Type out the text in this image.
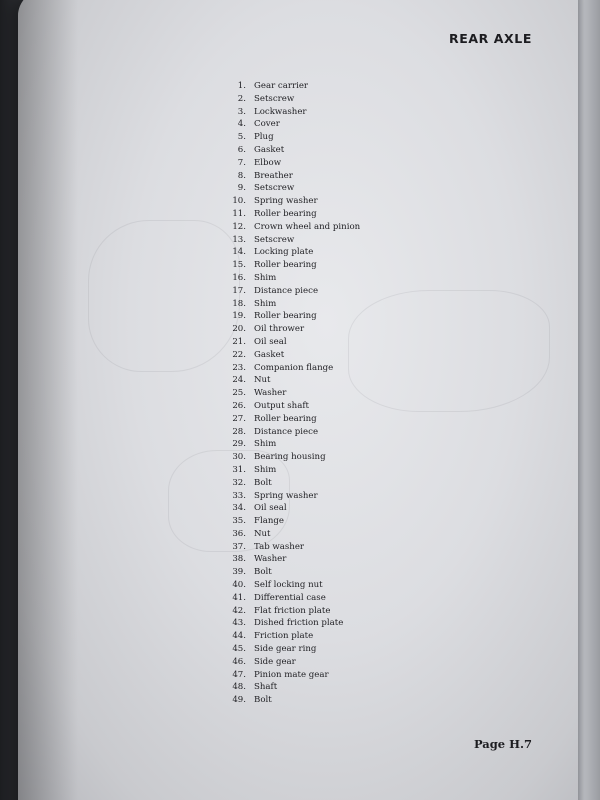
REAR AXLE
1. Gear carrier
2. Setscrew
3. Lockwasher
4. Cover
5. Plug
6. Gasket
7. Elbow
8. Breather
9. Setscrew
10. Spring washer
11. Roller bearing
12. Crown wheel and pinion
13. Setscrew
14. Locking plate
15. Roller bearing
16. Shim
17. Distance piece
18. Shim
19. Roller bearing
20. Oil thrower
21. Oil seal
22. Gasket
23. Companion flange
24. Nut
25. Washer
26. Output shaft
27. Roller bearing
28. Distance piece
29. Shim
30. Bearing housing
31. Shim
32. Bolt
33. Spring washer
34. Oil seal
35. Flange
36. Nut
37. Tab washer
38. Washer
39. Bolt
40. Self locking nut
41. Differential case
42. Flat friction plate
43. Dished friction plate
44. Friction plate
45. Side gear ring
46. Side gear
47. Pinion mate gear
48. Shaft
49. Bolt
Page H.7
